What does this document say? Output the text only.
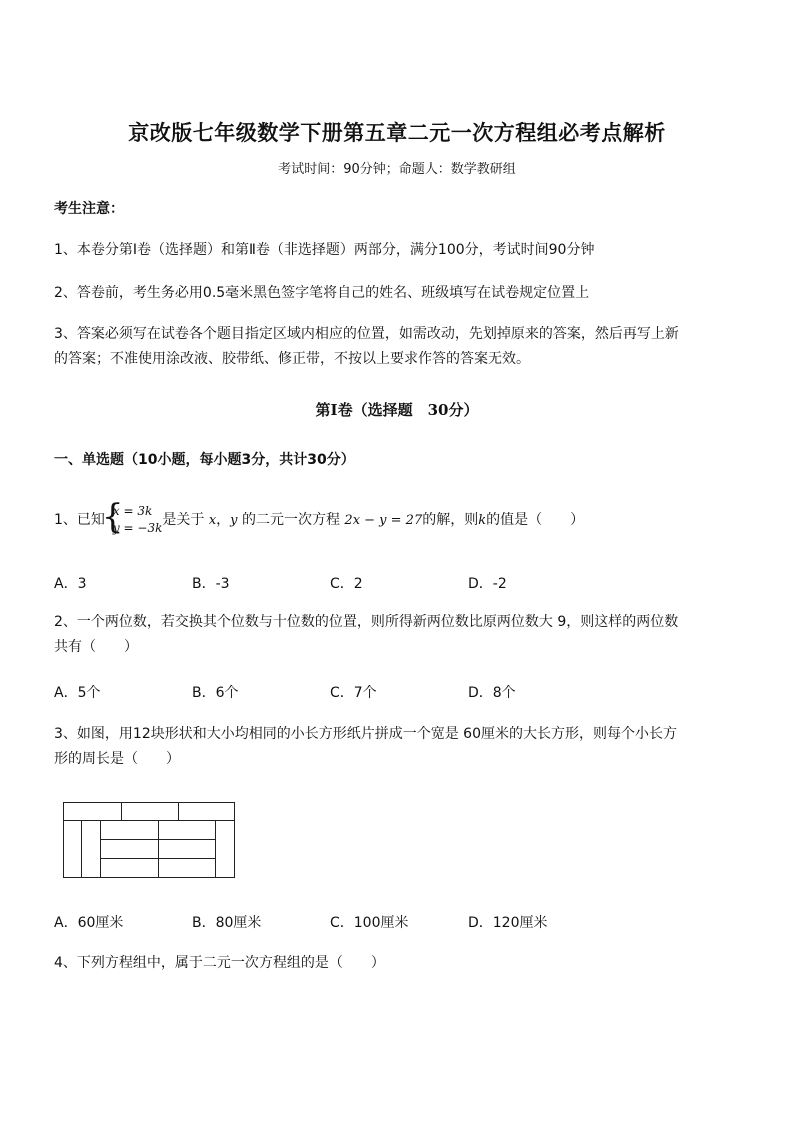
京改版七年级数学下册第五章二元一次方程组必考点解析
考试时间：90分钟；命题人：数学教研组
考生注意：
1、本卷分第Ⅰ卷（选择题）和第Ⅱ卷（非选择题）两部分，满分100分，考试时间90分钟
2、答卷前，考生务必用0.5毫米黑色签字笔将自己的姓名、班级填写在试卷规定位置上
3、答案必须写在试卷各个题目指定区域内相应的位置，如需改动，先划掉原来的答案，然后再写上新
的答案；不准使用涂改液、胶带纸、修正带，不按以上要求作答的答案无效。
第Ⅰ卷（选择题　30分）
一、单选题（10小题，每小题3分，共计30分）
1、已知
{ x = 3k
y = −3k 是关于 x，y 的二元一次方程 2x − y = 27的解，则k的值是（　　）
A．3	B．-3	C．2	D．-2
2、一个两位数，若交换其个位数与十位数的位置，则所得新两位数比原两位数大 9，则这样的两位数
共有（　　）
A．5个	B．6个	C．7个	D．8个
3、如图，用12块形状和大小均相同的小长方形纸片拼成一个宽是 60厘米的大长方形，则每个小长方
形的周长是（　　）
A．60厘米	B．80厘米	C．100厘米	D．120厘米
4、下列方程组中，属于二元一次方程组的是（　　）
